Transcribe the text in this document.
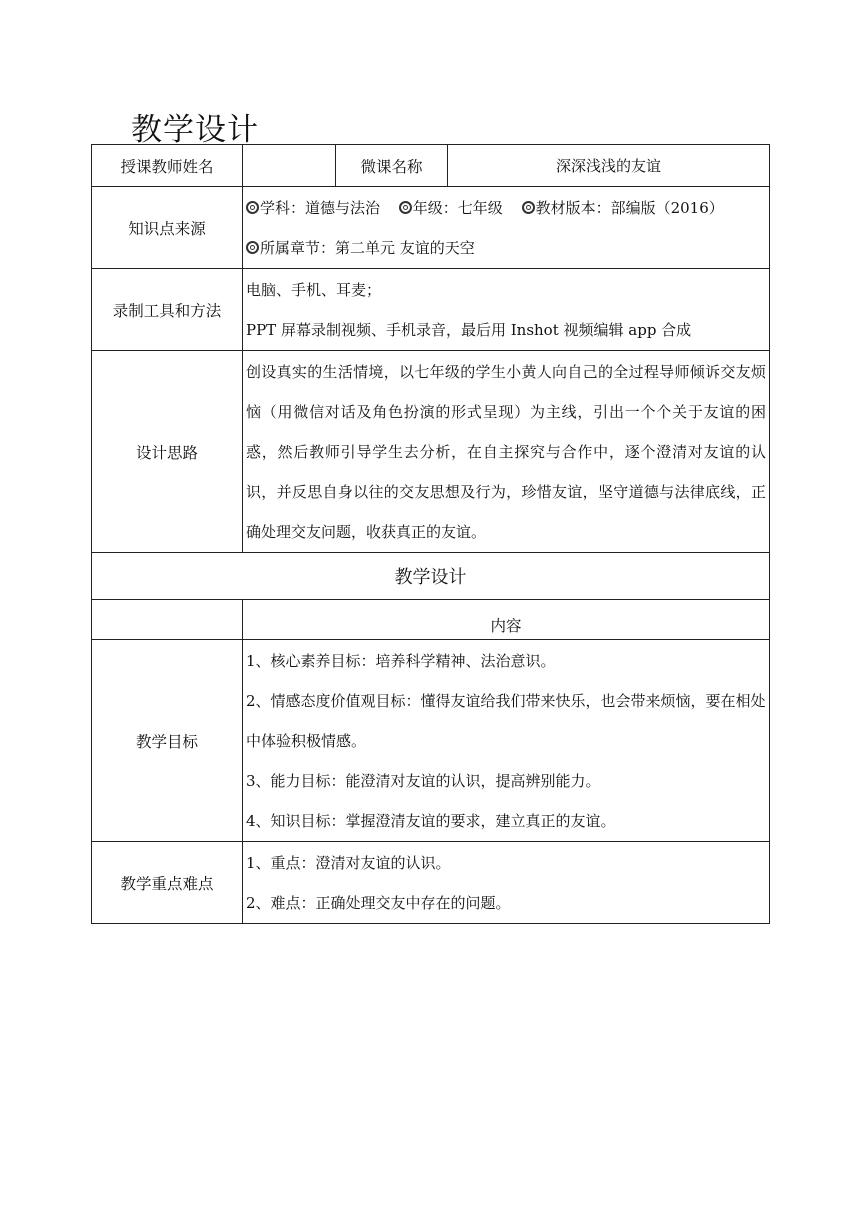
教学设计
授课教师姓名		微课名称	深深浅浅的友谊
知识点来源	学科：道德与法治 年级：七年级 教材版本：部编版（2016）
所属章节：第二单元 友谊的天空		

录制工具和方法	电脑、手机、耳麦；
PPT 屏幕录制视频、手机录音，最后用 Inshot 视频编辑 app 合成		

设计思路	创设真实的生活情境，以七年级的学生小黄人向自己的全过程导师倾诉交友烦恼（用微信对话及角色扮演的形式呈现）为主线，引出一个个关于友谊的困惑，然后教师引导学生去分析，在自主探究与合作中，逐个澄清对友谊的认识，并反思自身以往的交友思想及行为，珍惜友谊，坚守道德与法律底线，正确处理交友问题，收获真正的友谊。		
教学设计			
	内容		
教学目标	1、核心素养目标：培养科学精神、法治意识。
2、情感态度价值观目标：懂得友谊给我们带来快乐，也会带来烦恼，要在相处中体验积极情感。
3、能力目标：能澄清对友谊的认识，提高辨别能力。
4、知识目标：掌握澄清友谊的要求，建立真正的友谊。		

教学重点难点	1、重点：澄清对友谊的认识。
2、难点：正确处理交友中存在的问题。		
